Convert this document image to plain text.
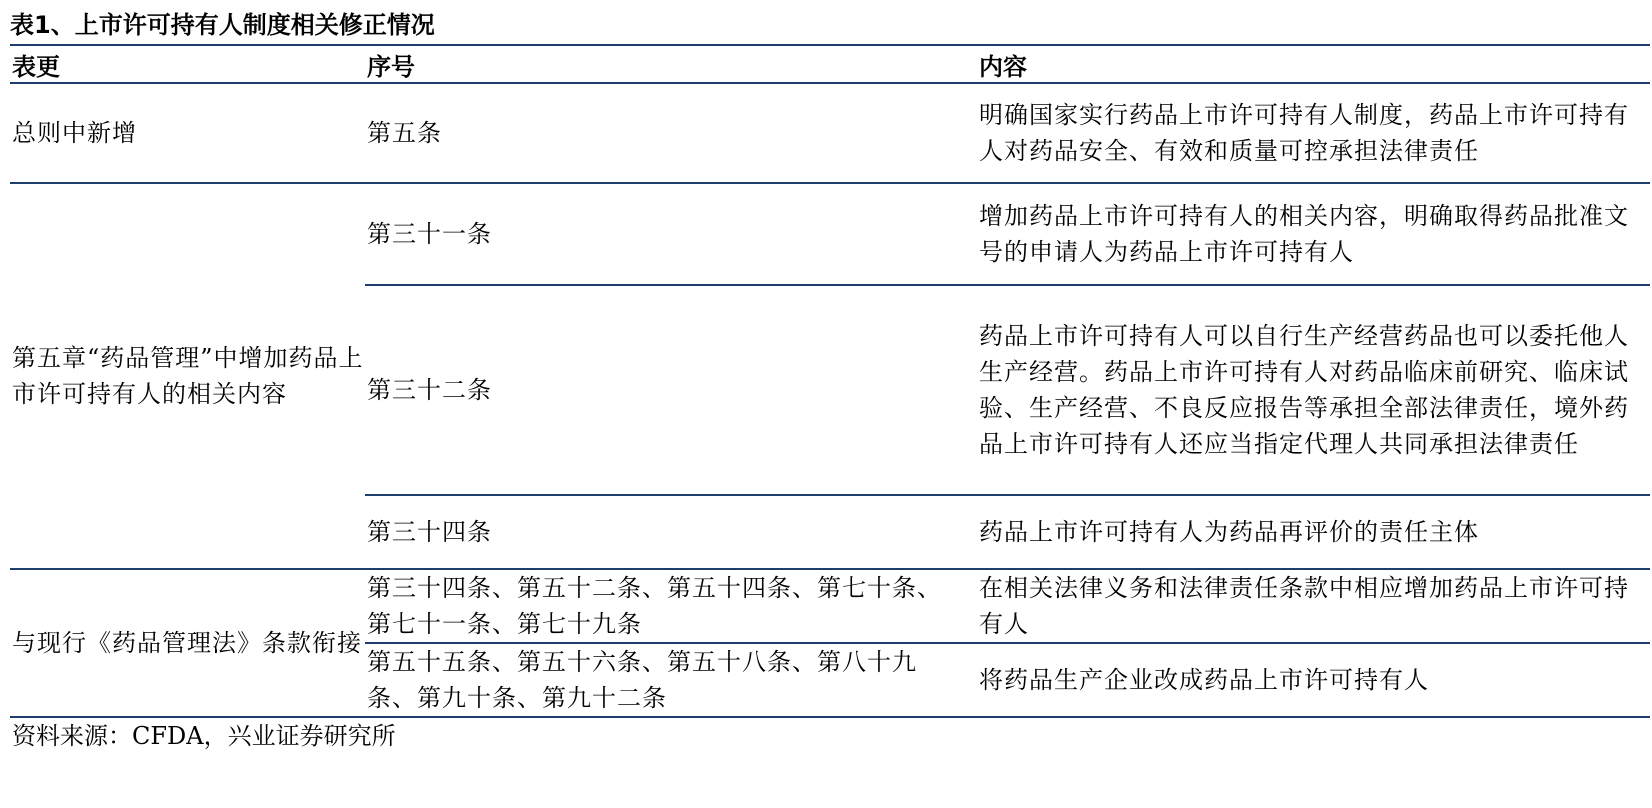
表1、上市许可持有人制度相关修正情况
表更	序号	内容
总则中新增	第五条	明确国家实行药品上市许可持有人制度，药品上市许可持有人对药品安全、有效和质量可控承担法律责任
第五章“药品管理”中增加药品上市许可持有人的相关内容	第三十一条	增加药品上市许可持有人的相关内容，明确取得药品批准文号的申请人为药品上市许可持有人
	第三十二条	药品上市许可持有人可以自行生产经营药品也可以委托他人生产经营。药品上市许可持有人对药品临床前研究、临床试验、生产经营、不良反应报告等承担全部法律责任，境外药品上市许可持有人还应当指定代理人共同承担法律责任
	第三十四条	药品上市许可持有人为药品再评价的责任主体
与现行《药品管理法》条款衔接	第三十四条、第五十二条、第五十四条、第七十条、第七十一条、第七十九条	在相关法律义务和法律责任条款中相应增加药品上市许可持有人
	第五十五条、第五十六条、第五十八条、第八十九条、第九十条、第九十二条	将药品生产企业改成药品上市许可持有人
资料来源：CFDA，兴业证券研究所
